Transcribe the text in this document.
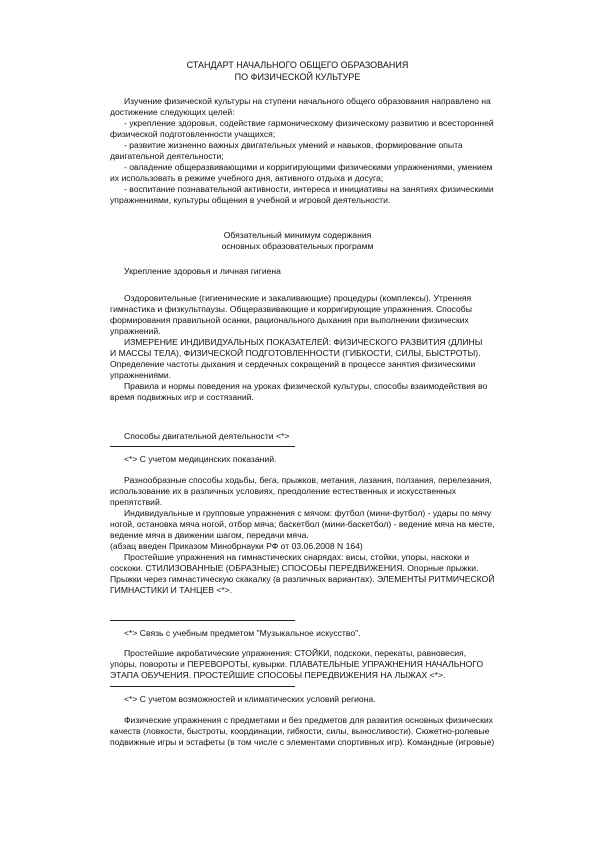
СТАНДАРТ НАЧАЛЬНОГО ОБЩЕГО ОБРАЗОВАНИЯ
ПО ФИЗИЧЕСКОЙ КУЛЬТУРЕ
Изучение физической культуры на ступени начального общего образования направлено на
достижение следующих целей:
- укрепление здоровья, содействие гармоническому физическому развитию и всесторонней
физической подготовленности учащихся;
- развитие жизненно важных двигательных умений и навыков, формирование опыта
двигательной деятельности;
- овладение общеразвивающими и корригирующими физическими упражнениями, умением
их использовать в режиме учебного дня, активного отдыха и досуга;
- воспитание познавательной активности, интереса и инициативы на занятиях физическими
упражнениями, культуры общения в учебной и игровой деятельности.
Обязательный минимум содержания
основных образовательных программ
Укрепление здоровья и личная гигиена
Оздоровительные (гигиенические и закаливающие) процедуры (комплексы). Утренняя
гимнастика и физкультпаузы. Общеразвивающие и корригирующие упражнения. Способы
формирования правильной осанки, рационального дыхания при выполнении физических
упражнений.
ИЗМЕРЕНИЕ ИНДИВИДУАЛЬНЫХ ПОКАЗАТЕЛЕЙ: ФИЗИЧЕСКОГО РАЗВИТИЯ (ДЛИНЫ
И МАССЫ ТЕЛА), ФИЗИЧЕСКОЙ ПОДГОТОВЛЕННОСТИ (ГИБКОСТИ, СИЛЫ, БЫСТРОТЫ).
Определение частоты дыхания и сердечных сокращений в процессе занятия физическими
упражнениями.
Правила и нормы поведения на уроках физической культуры, способы взаимодействия во
время подвижных игр и состязаний.
Способы двигательной деятельности <*>
<*> С учетом медицинских показаний.
Разнообразные способы ходьбы, бега, прыжков, метания, лазания, ползания, перелезания,
использование их в различных условиях, преодоление естественных и искусственных
препятствий.
Индивидуальные и групповые упражнения с мячом: футбол (мини-футбол) - удары по мячу
ногой, остановка мяча ногой, отбор мяча; баскетбол (мини-баскетбол) - ведение мяча на месте,
ведение мяча в движении шагом, передачи мяча.
(абзац введен Приказом Минобрнауки РФ от 03.06.2008 N 164)
Простейшие упражнения на гимнастических снарядах: висы, стойки, упоры, наскоки и
соскоки. СТИЛИЗОВАННЫЕ (ОБРАЗНЫЕ) СПОСОБЫ ПЕРЕДВИЖЕНИЯ. Опорные прыжки.
Прыжки через гимнастическую скакалку (в различных вариантах). ЭЛЕМЕНТЫ РИТМИЧЕСКОЙ
ГИМНАСТИКИ И ТАНЦЕВ <*>.
<*> Связь с учебным предметом "Музыкальное искусство".
Простейшие акробатические упражнения: СТОЙКИ, подскоки, перекаты, равновесия,
упоры, повороты и ПЕРЕВОРОТЫ, кувырки. ПЛАВАТЕЛЬНЫЕ УПРАЖНЕНИЯ НАЧАЛЬНОГО
ЭТАПА ОБУЧЕНИЯ. ПРОСТЕЙШИЕ СПОСОБЫ ПЕРЕДВИЖЕНИЯ НА ЛЫЖАХ <*>.
<*> С учетом возможностей и климатических условий региона.
Физические упражнения с предметами и без предметов для развития основных физических
качеств (ловкости, быстроты, координации, гибкости, силы, выносливости). Сюжетно-ролевые
подвижные игры и эстафеты (в том числе с элементами спортивных игр). Командные (игровые)
